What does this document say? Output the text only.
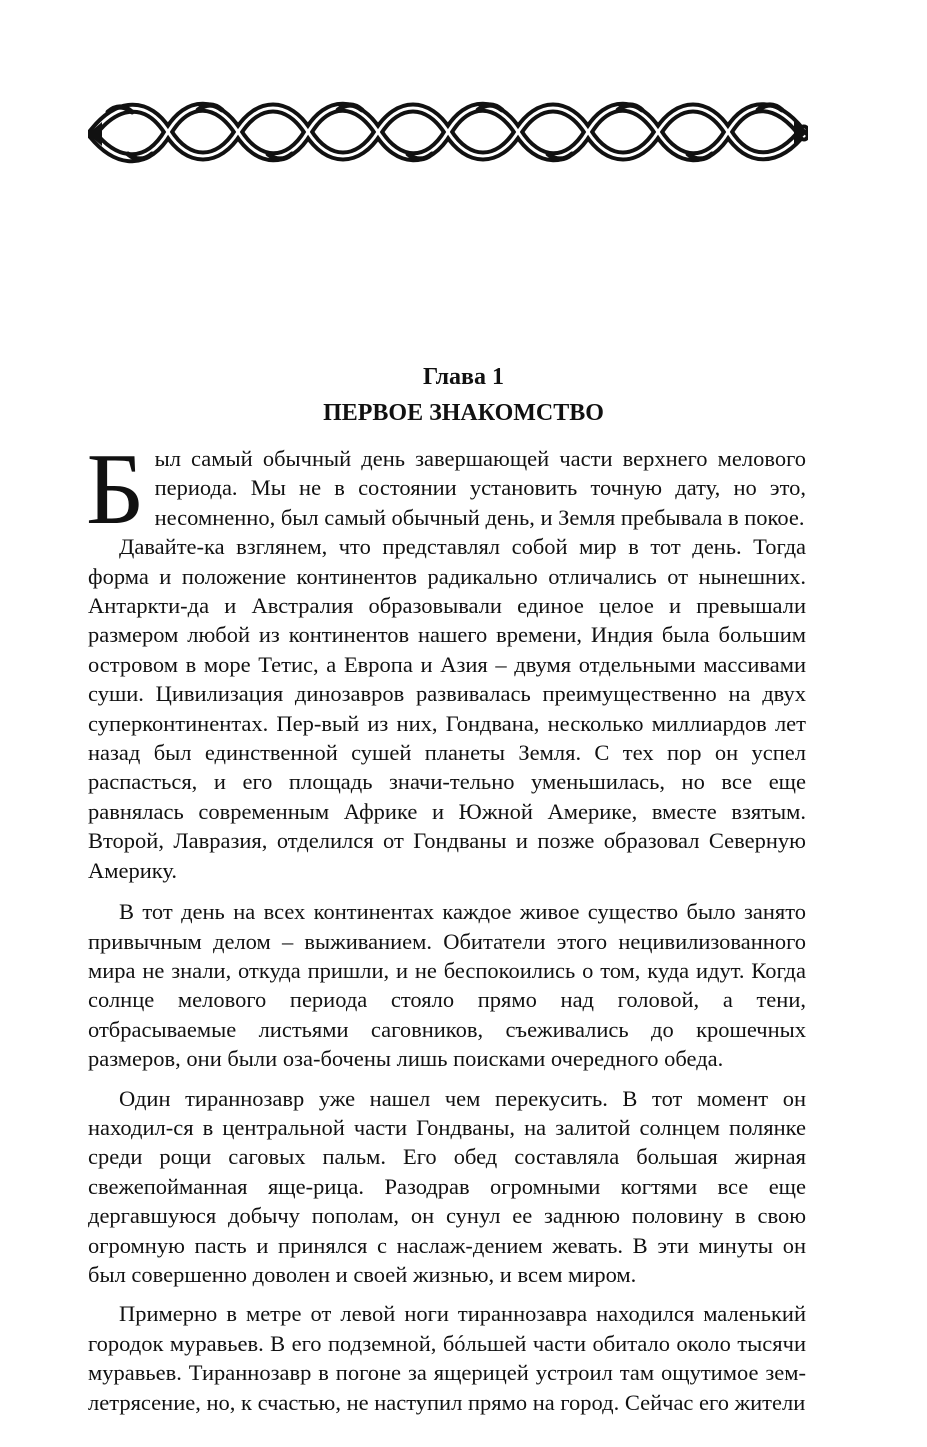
Глава 1
ПЕРВОЕ ЗНАКОМСТВО

Был самый обычный день завершающей части верхнего мелового периода. Мы не в состоянии установить точную дату, но это, несомненно, был самый обычный день, и Земля пребывала в покое.

Давайте-ка взглянем, что представлял собой мир в тот день. Тогда форма и положение континентов радикально отличались от нынешних. Антаркти-да и Австралия образовывали единое целое и превышали размером любой из континентов нашего времени, Индия была большим островом в море Тетис, а Европа и Азия – двумя отдельными массивами суши. Цивилизация динозавров развивалась преимущественно на двух суперконтинентах. Пер-вый из них, Гондвана, несколько миллиардов лет назад был единственной сушей планеты Земля. С тех пор он успел распасться, и его площадь значи-тельно уменьшилась, но все еще равнялась современным Африке и Южной Америке, вместе взятым. Второй, Лавразия, отделился от Гондваны и позже образовал Северную Америку.

В тот день на всех континентах каждое живое существо было занято привычным делом – выживанием. Обитатели этого нецивилизованного мира не знали, откуда пришли, и не беспокоились о том, куда идут. Когда солнце мелового периода стояло прямо над головой, а тени, отбрасываемые листьями саговников, съеживались до крошечных размеров, они были оза-бочены лишь поисками очередного обеда.

Один тираннозавр уже нашел чем перекусить. В тот момент он находил-ся в центральной части Гондваны, на залитой солнцем полянке среди рощи саговых пальм. Его обед составляла большая жирная свежепойманная яще-рица. Разодрав огромными когтями все еще дергавшуюся добычу пополам, он сунул ее заднюю половину в свою огромную пасть и принялся с наслаж-дением жевать. В эти минуты он был совершенно доволен и своей жизнью, и всем миром.

Примерно в метре от левой ноги тираннозавра находился маленький городок муравьев. В его подземной, бóльшей части обитало около тысячи муравьев. Тираннозавр в погоне за ящерицей устроил там ощутимое зем-летрясение, но, к счастью, не наступил прямо на город. Сейчас его жители
